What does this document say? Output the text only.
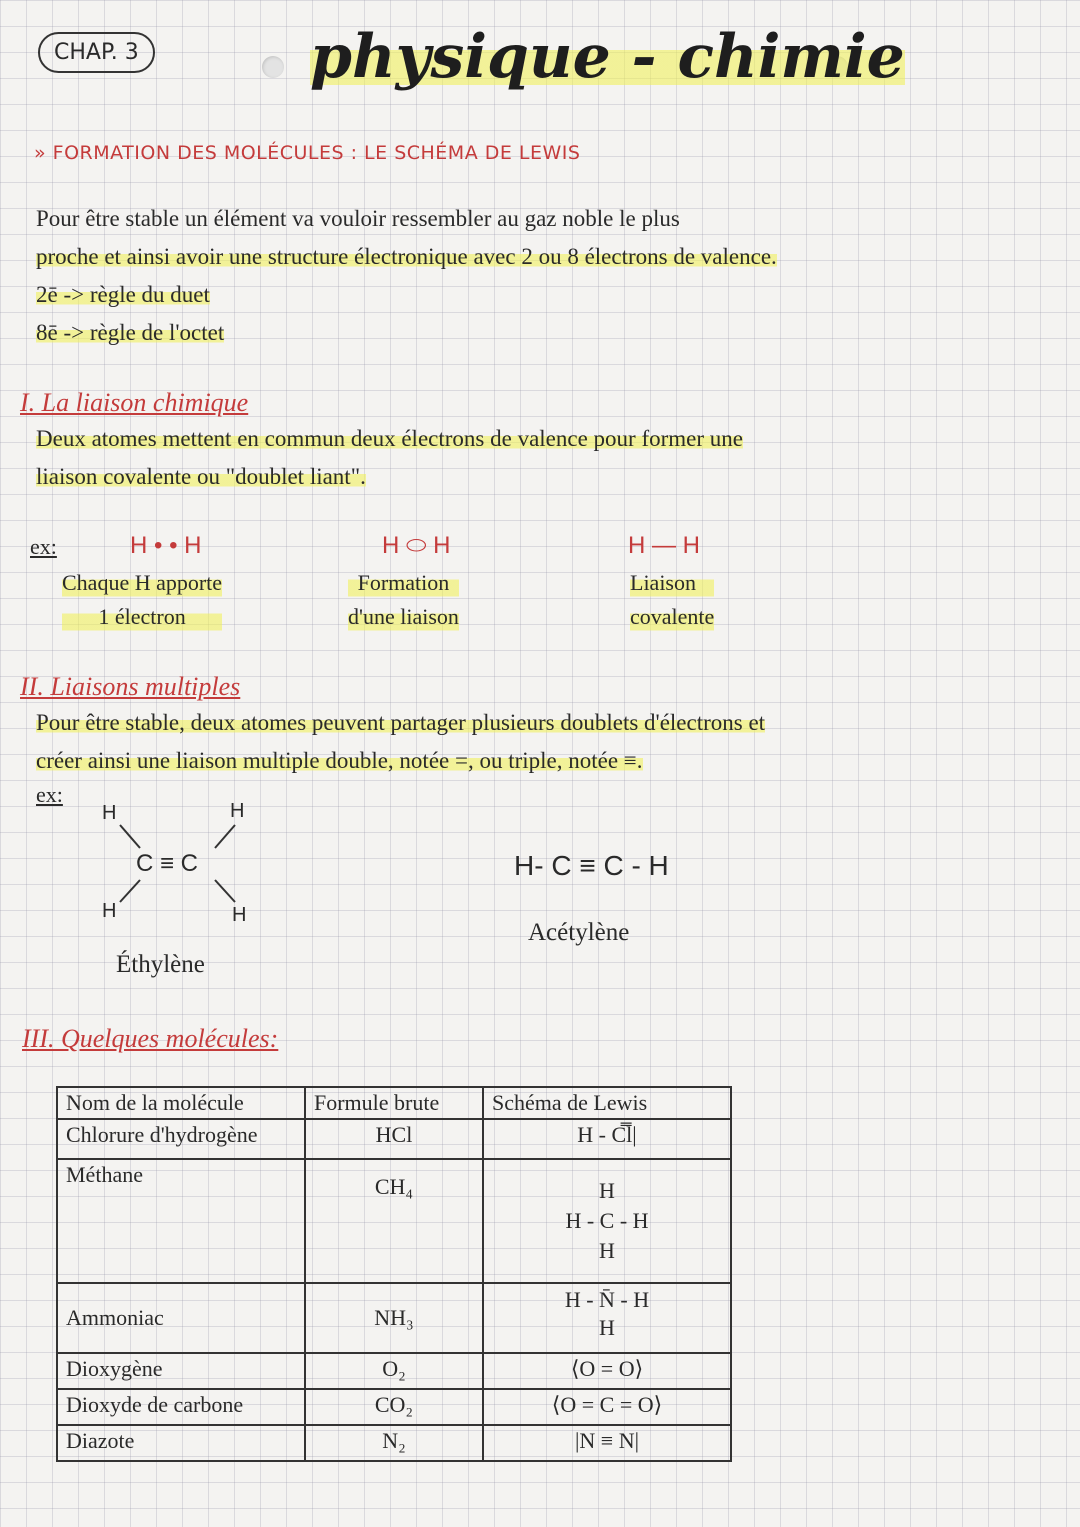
CHAP. 3	physique - chimie
» FORMATION DES MOLÉCULES : LE SCHÉMA DE LEWIS
Pour être stable un élément va vouloir ressembler au gaz noble le plus
proche et ainsi avoir une structure électronique avec 2 ou 8 électrons de valence.
2ē -> règle du duet
8ē -> règle de l'octet
I. La liaison chimique
Deux atomes mettent en commun deux électrons de valence pour former une
liaison covalente ou "doublet liant".
ex:	H • • H
Chaque H apporte
1 électron
H ⬭ H
Formation
d'une liaison
H — H
Liaison
covalente
II. Liaisons multiples
Pour être stable, deux atomes peuvent partager plusieurs doublets d'électrons et
créer ainsi une liaison multiple double, notée =, ou triple, notée ≡.
ex:
H	H
C ≡ C
H	H
Éthylène
H- C ≡ C - H
Acétylène
III. Quelques molécules:
Nom de la molécule	Formule brute	Schéma de Lewis
Chlorure d'hydrogène	HCl	H - C̿l|
Méthane	CH₄	H
H - C - H
H

Ammoniac	NH₃	H - N̄ - H
H

Dioxygène	O₂	⟨O = O⟩
Dioxyde de carbone	CO₂	⟨O = C = O⟩
Diazote	N₂	|N ≡ N|
